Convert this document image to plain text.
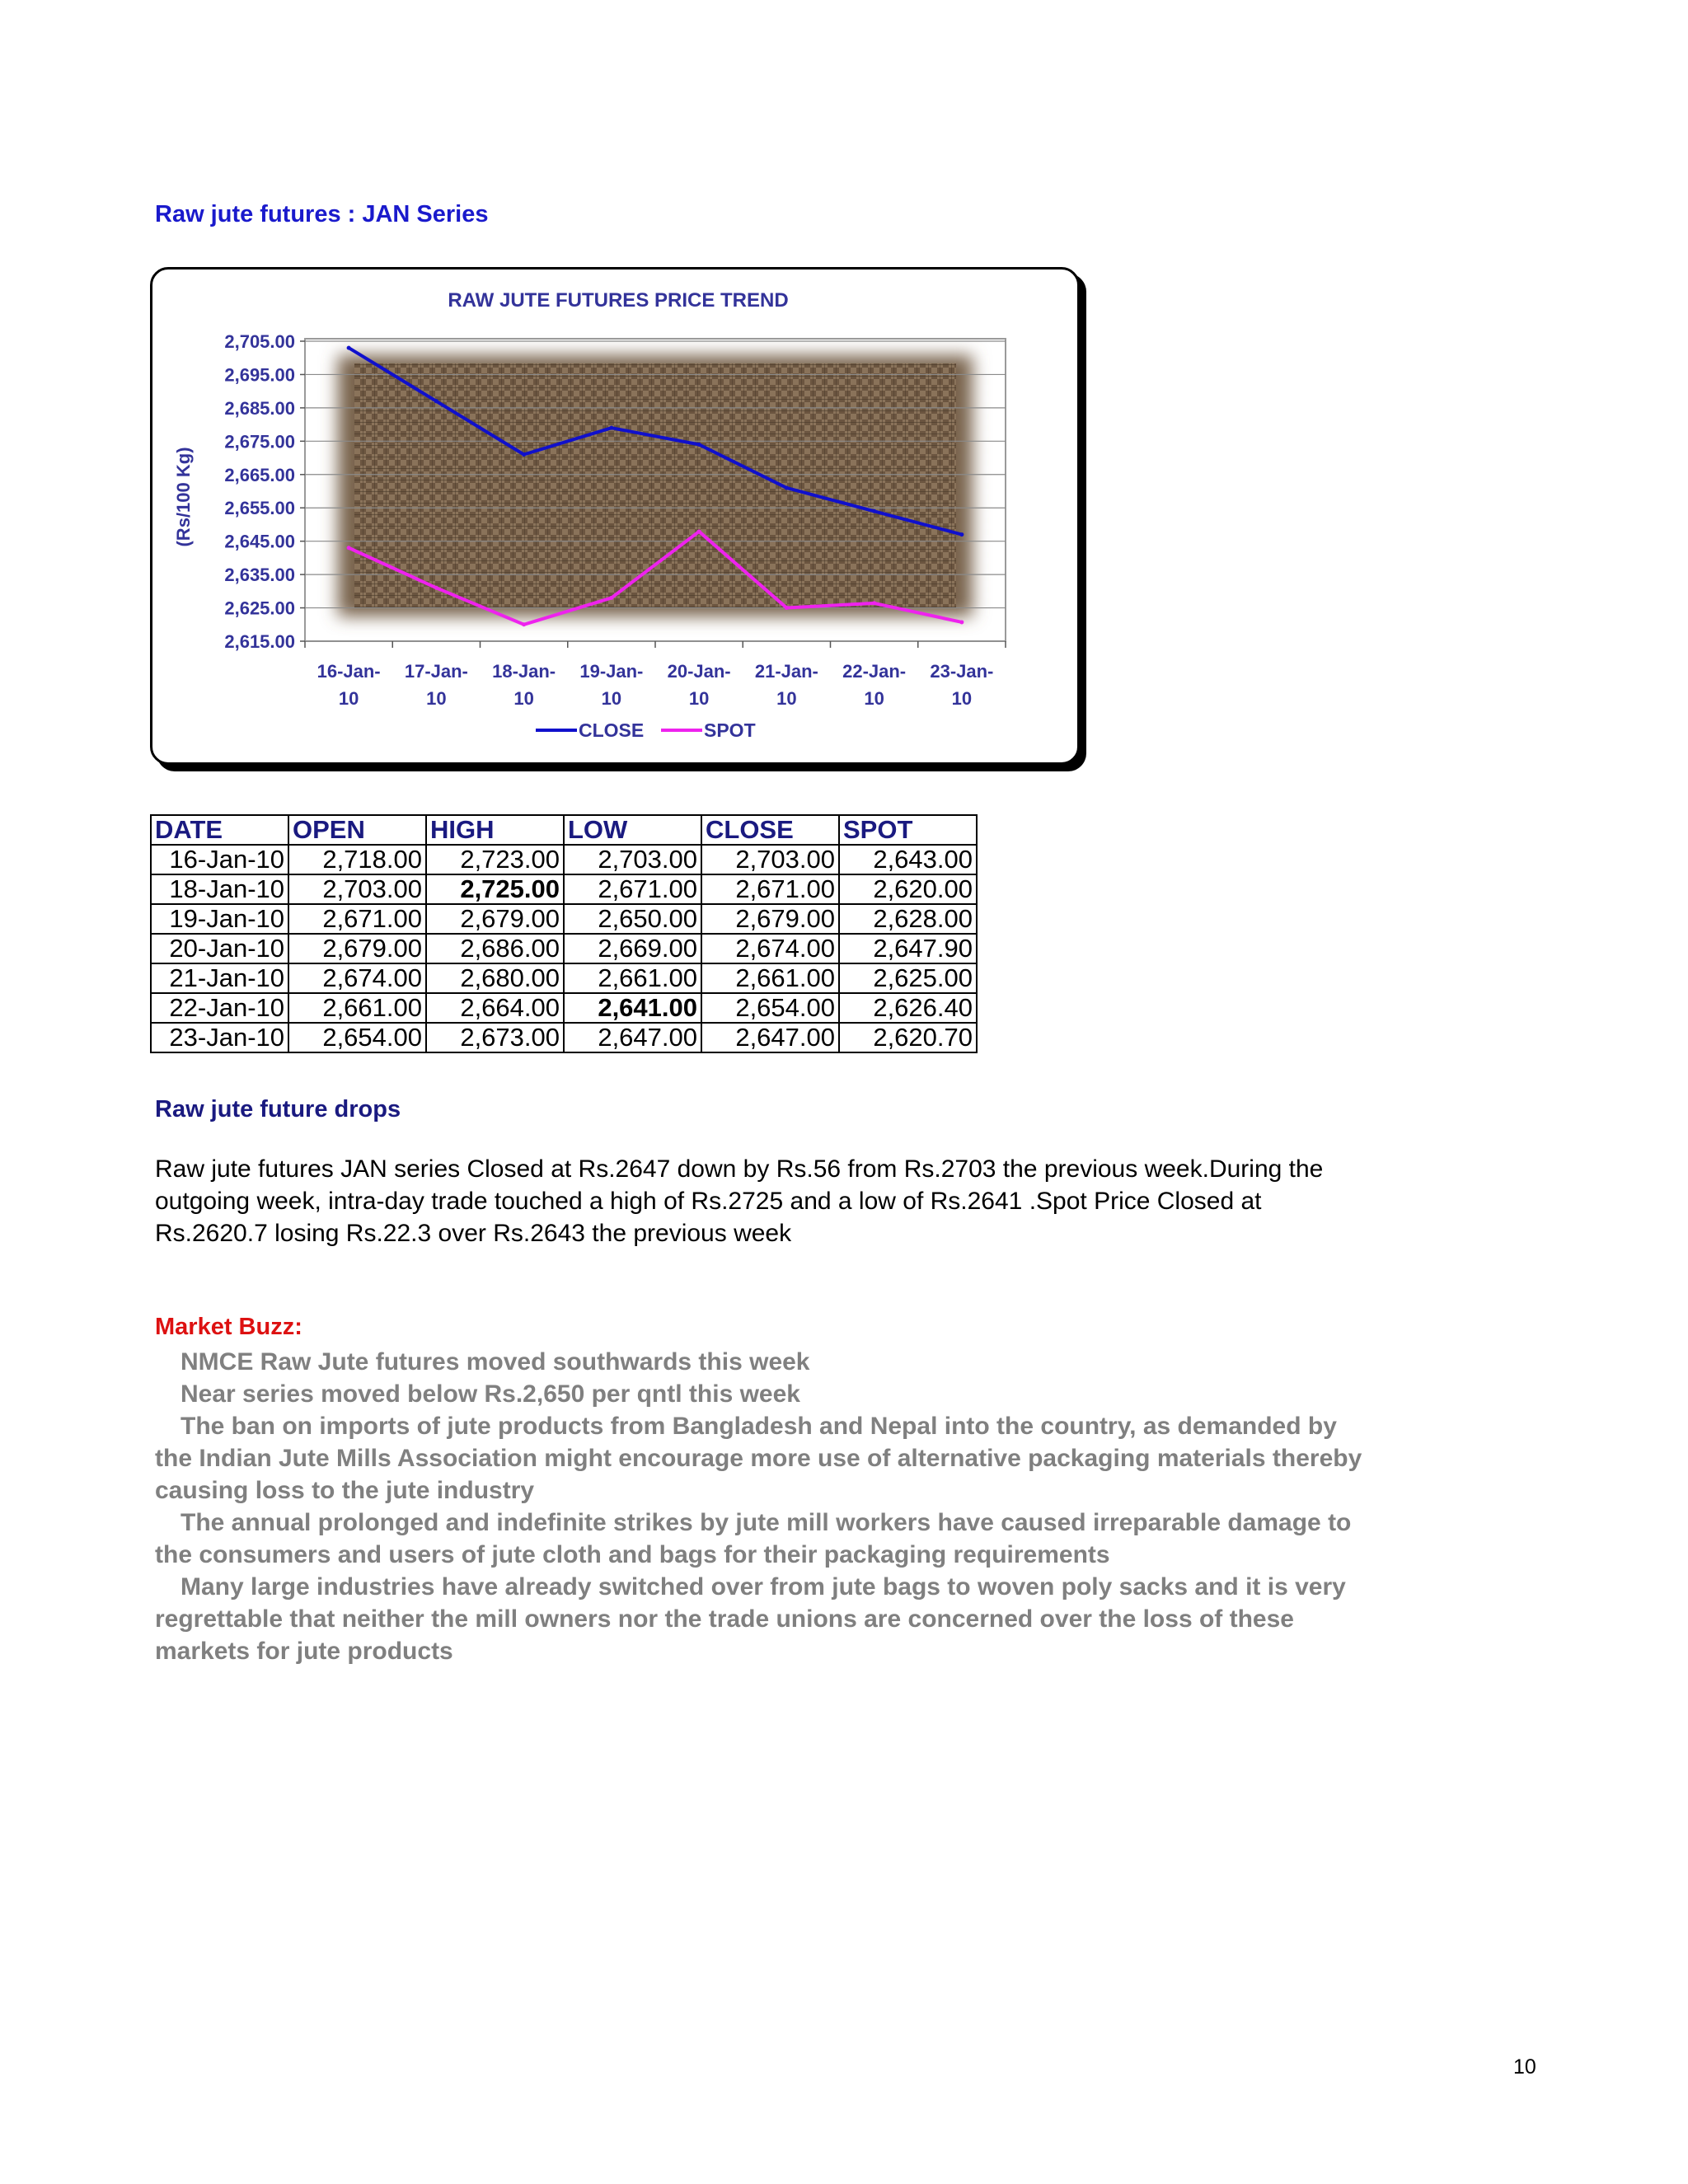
Raw jute futures : JAN Series
2,705.00
2,695.00
2,685.00
2,675.00
2,665.00
2,655.00
2,645.00
2,635.00
2,625.00
2,615.00
16-Jan-10
17-Jan-10
18-Jan-10
19-Jan-10
20-Jan-10
21-Jan-10
22-Jan-10
23-Jan-10
RAW JUTE FUTURES PRICE TREND
(Rs/100 Kg)
CLOSE	SPOT
DATE	OPEN	HIGH	LOW	CLOSE	SPOT
16-Jan-10	2,718.00	2,723.00	2,703.00	2,703.00	2,643.00
18-Jan-10	2,703.00	2,725.00	2,671.00	2,671.00	2,620.00
19-Jan-10	2,671.00	2,679.00	2,650.00	2,679.00	2,628.00
20-Jan-10	2,679.00	2,686.00	2,669.00	2,674.00	2,647.90
21-Jan-10	2,674.00	2,680.00	2,661.00	2,661.00	2,625.00
22-Jan-10	2,661.00	2,664.00	2,641.00	2,654.00	2,626.40
23-Jan-10	2,654.00	2,673.00	2,647.00	2,647.00	2,620.70
Raw jute future drops

Raw jute futures JAN series Closed at Rs.2647 down by Rs.56 from Rs.2703 the previous week.During the outgoing week, intra-day trade touched a high of Rs.2725 and a low of Rs.2641 .Spot Price Closed at Rs.2620.7 losing Rs.22.3 over Rs.2643 the previous week

Market Buzz:

NMCE Raw Jute futures moved southwards this week

Near series moved below Rs.2,650 per qntl this week

The ban on imports of jute products from Bangladesh and Nepal into the country, as demanded by the Indian Jute Mills Association might encourage more use of alternative packaging materials thereby causing loss to the jute industry

The annual prolonged and indefinite strikes by jute mill workers have caused irreparable damage to the consumers and users of jute cloth and bags for their packaging requirements

Many large industries have already switched over from jute bags to woven poly sacks and it is very regrettable that neither the mill owners nor the trade unions are concerned over the loss of these markets for jute products

10
